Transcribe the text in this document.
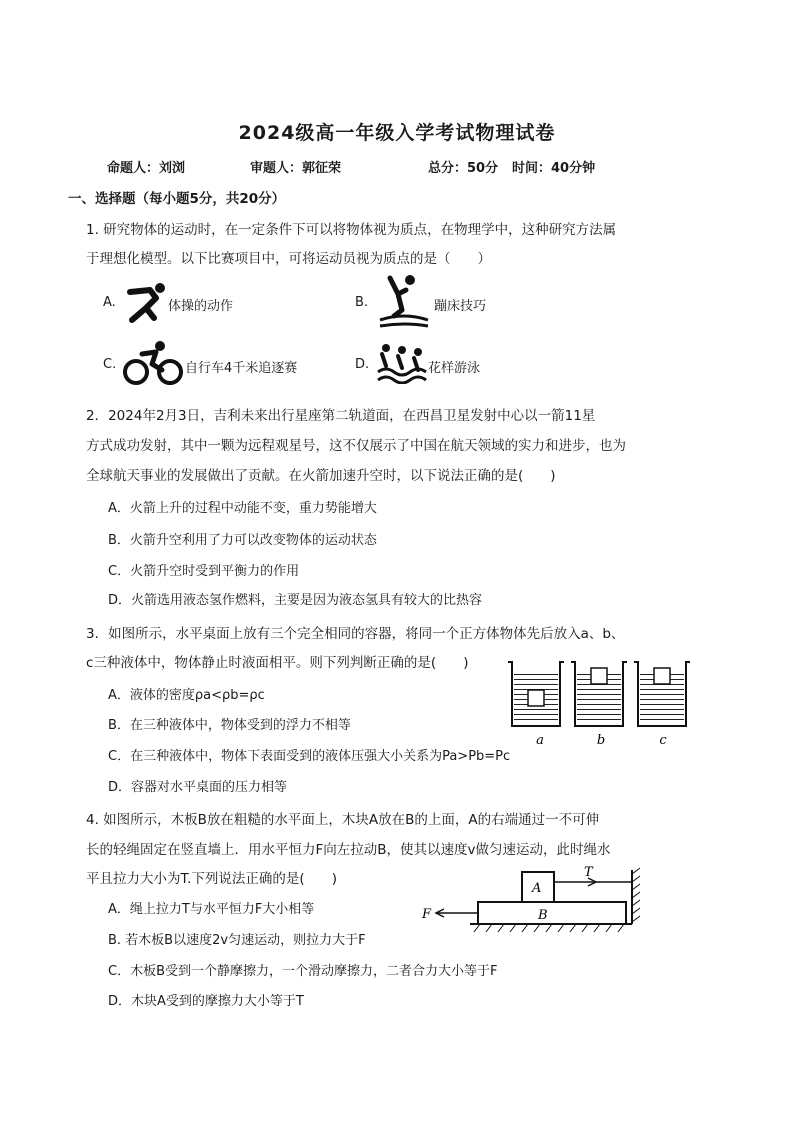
2024级高一年级入学考试物理试卷
命题人：刘浏	审题人：郭征荣	总分：50分 时间：40分钟
一、选择题（每小题5分，共20分）
1. 研究物体的运动时，在一定条件下可以将物体视为质点，在物理学中，这种研究方法属
于理想化模型。以下比赛项目中，可将运动员视为质点的是（　　）
A.	体操的动作	B.	蹦床技巧
C.	自行车4千米追逐赛	D.	花样游泳
2．2024年2月3日，吉利未来出行星座第二轨道面，在西昌卫星发射中心以一箭11星
方式成功发射，其中一颗为远程观星号，这不仅展示了中国在航天领域的实力和进步，也为
全球航天事业的发展做出了贡献。在火箭加速升空时，以下说法正确的是(　　)
A．火箭上升的过程中动能不变，重力势能增大
B．火箭升空利用了力可以改变物体的运动状态
C．火箭升空时受到平衡力的作用
D．火箭选用液态氢作燃料，主要是因为液态氢具有较大的比热容
3．如图所示，水平桌面上放有三个完全相同的容器，将同一个正方体物体先后放入a、b、
c三种液体中，物体静止时液面相平。则下列判断正确的是(　　)
A．液体的密度ρa<ρb=ρc
B．在三种液体中，物体受到的浮力不相等
C．在三种液体中，物体下表面受到的液体压强大小关系为Pa>Pb=Pc
D．容器对水平桌面的压力相等
a	b	c
4. 如图所示，木板B放在粗糙的水平面上，木块A放在B的上面，A的右端通过一不可伸
长的轻绳固定在竖直墙上．用水平恒力F向左拉动B，使其以速度v做匀速运动，此时绳水
平且拉力大小为T.下列说法正确的是(　　)
A．绳上拉力T与水平恒力F大小相等
B. 若木板B以速度2v匀速运动，则拉力大于F
C．木板B受到一个静摩擦力，一个滑动摩擦力，二者合力大小等于F
D．木块A受到的摩擦力大小等于T
B
A
T
F
